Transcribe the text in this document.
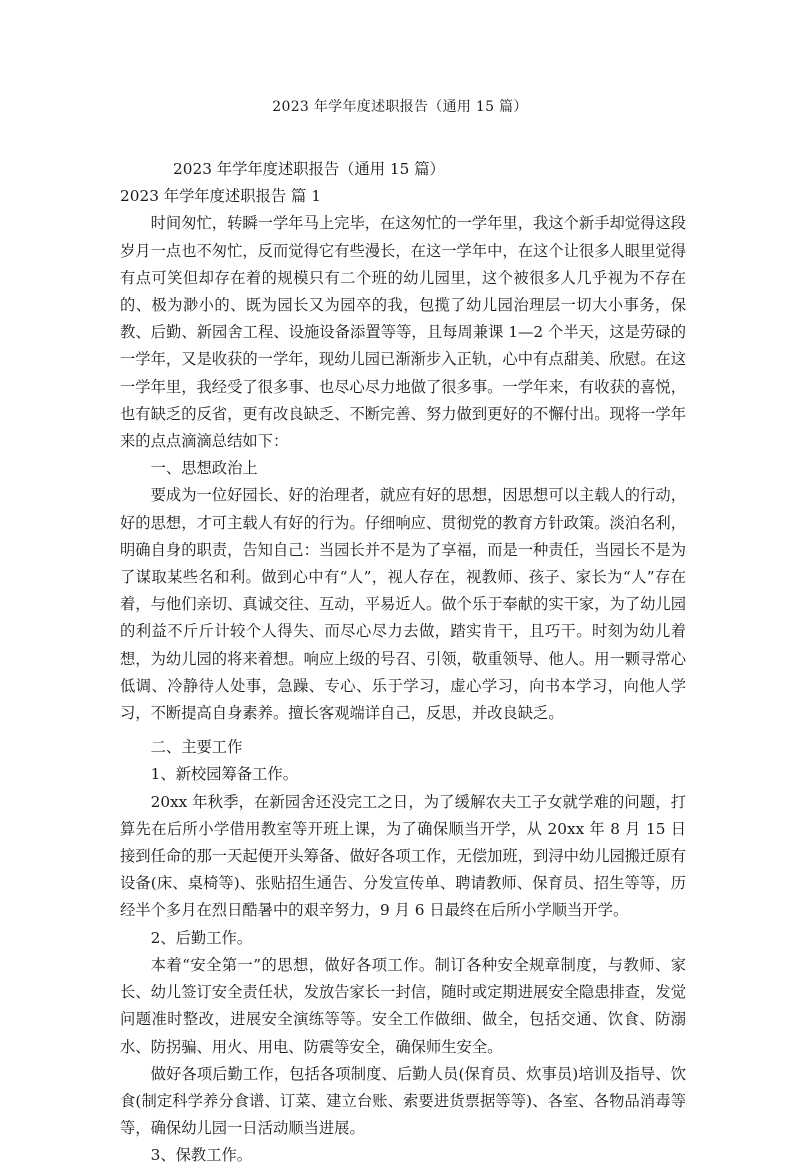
2023 年学年度述职报告（通用 15 篇）

2023 年学年度述职报告（通用 15 篇）

2023 年学年度述职报告 篇 1

时间匆忙，转瞬一学年马上完毕，在这匆忙的一学年里，我这个新手却觉得这段岁月一点也不匆忙，反而觉得它有些漫长，在这一学年中，在这个让很多人眼里觉得有点可笑但却存在着的规模只有二个班的幼儿园里，这个被很多人几乎视为不存在的、极为渺小的、既为园长又为园卒的我，包揽了幼儿园治理层一切大小事务，保教、后勤、新园舍工程、设施设备添置等等，且每周兼课 1—2 个半天，这是劳碌的一学年，又是收获的一学年，现幼儿园已渐渐步入正轨，心中有点甜美、欣慰。在这一学年里，我经受了很多事、也尽心尽力地做了很多事。一学年来，有收获的喜悦，也有缺乏的反省，更有改良缺乏、不断完善、努力做到更好的不懈付出。现将一学年来的点点滴滴总结如下：

一、思想政治上

要成为一位好园长、好的治理者，就应有好的思想，因思想可以主载人的行动，好的思想，才可主载人有好的行为。仔细响应、贯彻党的教育方针政策。淡泊名利，明确自身的职责，告知自己：当园长并不是为了享福，而是一种责任，当园长不是为了谋取某些名和利。做到心中有“人”，视人存在，视教师、孩子、家长为“人”存在着，与他们亲切、真诚交往、互动，平易近人。做个乐于奉献的实干家，为了幼儿园的利益不斤斤计较个人得失、而尽心尽力去做，踏实肯干，且巧干。时刻为幼儿着想，为幼儿园的将来着想。响应上级的号召、引领，敬重领导、他人。用一颗寻常心低调、冷静待人处事，急躁、专心、乐于学习，虚心学习，向书本学习，向他人学习，不断提高自身素养。擅长客观端详自己，反思，并改良缺乏。

二、主要工作

1、新校园筹备工作。

20xx 年秋季，在新园舍还没完工之日，为了缓解农夫工子女就学难的问题，打算先在后所小学借用教室等开班上课，为了确保顺当开学，从 20xx 年 8 月 15 日接到任命的那一天起便开头筹备、做好各项工作，无偿加班，到浔中幼儿园搬迁原有设备(床、桌椅等)、张贴招生通告、分发宣传单、聘请教师、保育员、招生等等，历经半个多月在烈日酷暑中的艰辛努力，9 月 6 日最终在后所小学顺当开学。

2、后勤工作。

本着“安全第一”的思想，做好各项工作。制订各种安全规章制度，与教师、家长、幼儿签订安全责任状，发放告家长一封信，随时或定期进展安全隐患排查，发觉问题准时整改，进展安全演练等等。安全工作做细、做全，包括交通、饮食、防溺水、防拐骗、用火、用电、防震等安全，确保师生安全。

做好各项后勤工作，包括各项制度、后勤人员(保育员、炊事员)培训及指导、饮食(制定科学养分食谱、订菜、建立台账、索要进货票据等等)、各室、各物品消毒等等，确保幼儿园一日活动顺当进展。

3、保教工作。
